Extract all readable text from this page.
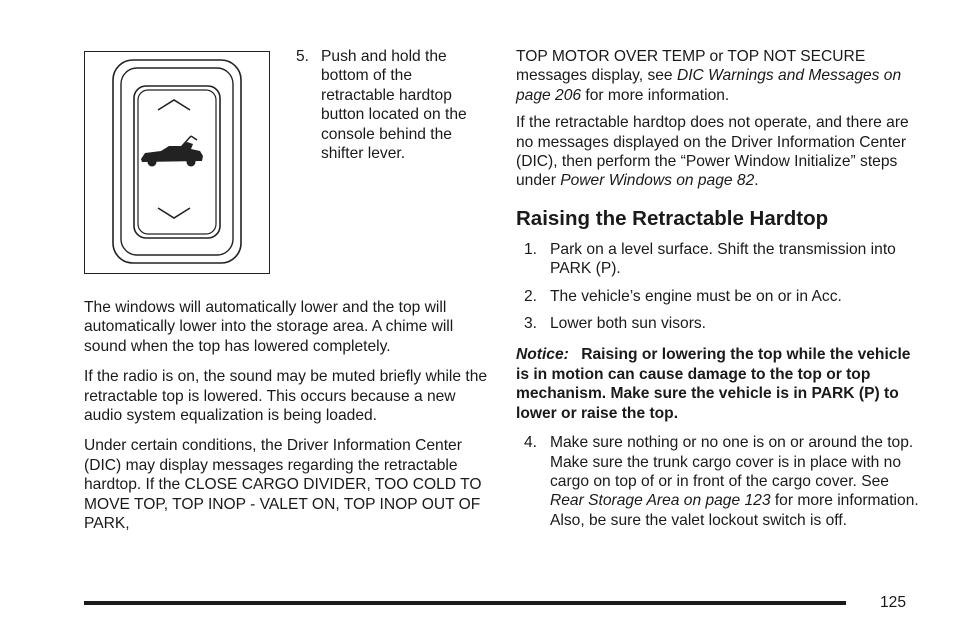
5. Push and hold the bottom of the retractable hardtop button located on the console behind the shifter lever.

The windows will automatically lower and the top will automatically lower into the storage area. A chime will sound when the top has lowered completely.

If the radio is on, the sound may be muted briefly while the retractable top is lowered. This occurs because a new audio system equalization is being loaded.

Under certain conditions, the Driver Information Center (DIC) may display messages regarding the retractable hardtop. If the CLOSE CARGO DIVIDER, TOO COLD TO MOVE TOP, TOP INOP - VALET ON, TOP INOP OUT OF PARK,

TOP MOTOR OVER TEMP or TOP NOT SECURE messages display, see DIC Warnings and Messages on page 206 for more information.

If the retractable hardtop does not operate, and there are no messages displayed on the Driver Information Center (DIC), then perform the “Power Window Initialize” steps under Power Windows on page 82.

Raising the Retractable Hardtop
1. Park on a level surface. Shift the transmission into PARK (P).
2. The vehicle’s engine must be on or in Acc.
3. Lower both sun visors.

Notice: Raising or lowering the top while the vehicle is in motion can cause damage to the top or top mechanism. Make sure the vehicle is in PARK (P) to lower or raise the top.

4. Make sure nothing or no one is on or around the top. Make sure the trunk cargo cover is in place with no cargo on top of or in front of the cargo cover. See Rear Storage Area on page 123 for more information. Also, be sure the valet lockout switch is off.
125
